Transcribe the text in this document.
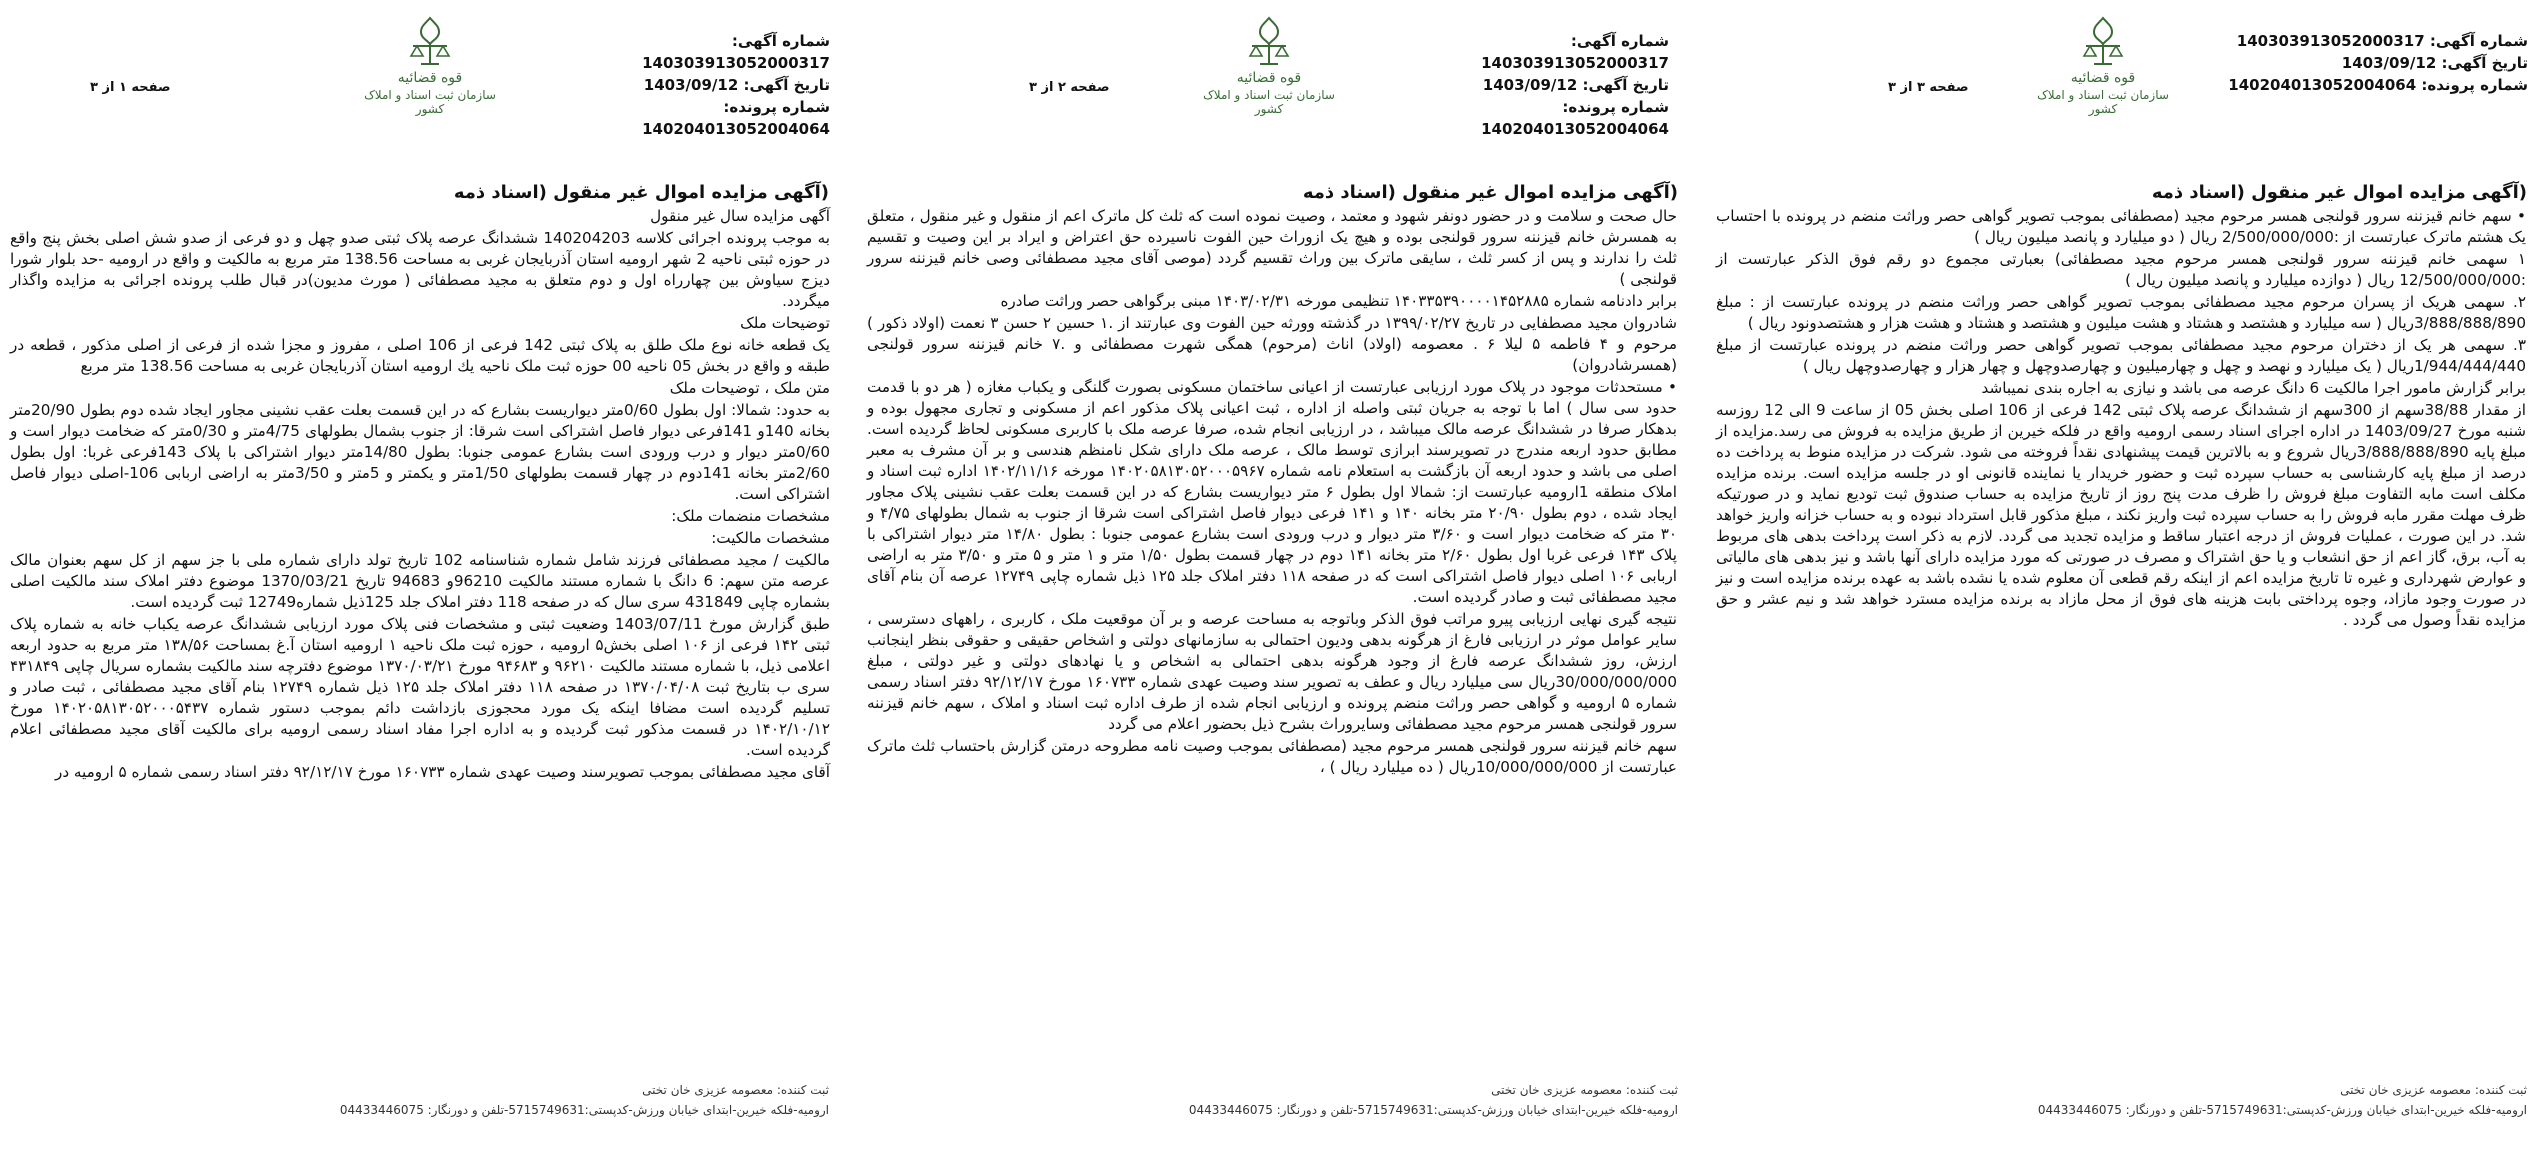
قوه قضائیه
سازمان ثبت اسناد و املاک کشور
شماره آگهی: 140303913052000317
تاریخ آگهی: 1403/09/12
شماره پرونده: 140204013052004064
صفحه ۱ از ۳
(آگهی مزایده اموال غیر منقول (اسناد ذمه

آگهی مزایده سال غیر منقول

به موجب پرونده اجرائی کلاسه 140204203 ششدانگ عرصه پلاک ثبتی صدو چهل و دو فرعی از صدو شش اصلی بخش پنج واقع در حوزه ثبتی ناحیه 2 شهر ارومیه استان آذربایجان غربی به مساحت 138.56 متر مربع به مالکیت و واقع در ارومیه -حد بلوار شورا دیزج سیاوش بین چهارراه اول و دوم متعلق به مجید مصطفائی ( مورث مدیون)در قبال طلب پرونده اجرائی به مزایده واگذار میگردد.

توضیحات ملک

یک قطعه خانه نوع ملک طلق به پلاک ثبتی 142 فرعی از 106 اصلی ، مفروز و مجزا شده از فرعی از اصلی مذکور ، قطعه در طبقه و واقع در بخش 05 ناحیه 00 حوزه ثبت ملک ناحیه یك ارومیه استان آذربایجان غربی به مساحت 138.56 متر مربع

متن ملک ، توضیحات ملک

به حدود: شمالا: اول بطول 0/60متر دیواریست بشارع که در این قسمت بعلت عقب نشینی مجاور ایجاد شده دوم بطول 20/90متر بخانه 140و 141فرعی دیوار فاصل اشتراکی است شرقا: از جنوب بشمال بطولهای 4/75متر و 0/30متر که ضخامت دیوار است و 0/60متر دیوار و درب ورودی است بشارع عمومی جنوبا: بطول 14/80متر دیوار اشتراکی با پلاک 143فرعی غربا: اول بطول 2/60متر بخانه 141دوم در چهار قسمت بطولهای 1/50متر و یکمتر و 5متر و 3/50متر به اراضی اربابی 106-اصلی دیوار فاصل اشتراکی است.

مشخصات منضمات ملک:

مشخصات مالکیت:

مالکیت / مجید مصطفائی فرزند شامل شماره شناسنامه 102 تاریخ تولد دارای شماره ملی با جز سهم از کل سهم بعنوان مالک عرصه متن سهم: 6 دانگ با شماره مستند مالکیت 96210و 94683 تاریخ 1370/03/21 موضوع دفتر املاک سند مالکیت اصلی بشماره چاپی 431849 سری سال که در صفحه 118 دفتر املاک جلد 125ذیل شماره12749 ثبت گردیده است.

طبق گزارش مورخ 1403/07/11 وضعیت ثبتی و مشخصات فنی پلاک مورد ارزیابی ششدانگ عرصه یکباب خانه به شماره پلاک ثبتی ۱۴۲ فرعی از ۱۰۶ اصلی بخش۵ ارومیه ، حوزه ثبت ملک ناحیه ۱ ارومیه استان آ.غ بمساحت ۱۳۸/۵۶ متر مربع به حدود اربعه اعلامی ذیل، با شماره مستند مالکیت ۹۶۲۱۰ و ۹۴۶۸۳ مورخ ۱۳۷۰/۰۳/۲۱ موضوع دفترچه سند مالکیت بشماره سریال چاپی ۴۳۱۸۴۹ سری ب بتاریخ ثبت ۱۳۷۰/۰۴/۰۸ در صفحه ۱۱۸ دفتر املاک جلد ۱۲۵ ذیل شماره ۱۲۷۴۹ بنام آقای مجید مصطفائی ، ثبت صادر و تسلیم گردیده است مضافا اینکه یک مورد محجوزی بازداشت دائم بموجب دستور شماره ۱۴۰۲۰۵۸۱۳۰۵۲۰۰۰۵۴۳۷ مورخ ۱۴۰۲/۱۰/۱۲ در قسمت مذکور ثبت گردیده و به اداره اجرا مفاد اسناد رسمی ارومیه برای مالکیت آقای مجید مصطفائی اعلام گردیده است.

آقای مجید مصطفائی بموجب تصویرسند وصیت عهدی شماره ۱۶۰۷۳۳ مورخ ۹۲/۱۲/۱۷ دفتر اسناد رسمی شماره ۵ ارومیه در

ثبت کننده: معصومه عزیزی خان تختی
ارومیه-فلکه خیرین-ابتدای خیابان ورزش-کدپستی:5715749631-تلفن و دورنگار: 04433446075
قوه قضائیه
سازمان ثبت اسناد و املاک کشور
شماره آگهی: 140303913052000317
تاریخ آگهی: 1403/09/12
شماره پرونده: 140204013052004064
صفحه ۲ از ۳
(آگهی مزایده اموال غیر منقول (اسناد ذمه

حال صحت و سلامت و در حضور دونفر شهود و معتمد ، وصیت نموده است که ثلث کل ماترک اعم از منقول و غیر منقول ، متعلق به همسرش خانم قیزننه سرور قولنجی بوده و هیچ یک ازوراث حین الفوت ناسیرده حق اعتراض و ایراد بر این وصیت و تقسیم ثلث را ندارند و پس از کسر ثلث ، سایقی ماترک بین وراث تقسیم گردد (موصی آقای مجید مصطفائی وصی خانم قیزننه سرور قولنجی )

برابر دادنامه شماره ۱۴۰۳۳۵۳۹۰۰۰۰۱۴۵۲۸۸۵ تنظیمی مورخه ۱۴۰۳/۰۲/۳۱ مبنی برگواهی حصر وراثت صادره

شادروان مجید مصطفایی در تاریخ ۱۳۹۹/۰۲/۲۷ در گذشته وورثه حین الفوت وی عبارتند از .۱ حسین ۲ حسن ۳ نعمت (اولاد ذکور ) مرحوم و ۴ فاطمه ۵ لیلا ۶ . معصومه (اولاد) اناث (مرحوم) همگی شهرت مصطفائی و .۷ خانم قیزننه سرور قولنجی (همسرشادروان)

• مستحدثات موجود در پلاک مورد ارزیابی عبارتست از اعیانی ساختمان مسکونی بصورت گلنگی و یکباب مغازه ( هر دو با قدمت حدود سی سال ) اما با توجه به جریان ثبتی واصله از اداره ، ثبت اعیانی پلاک مذکور اعم از مسکونی و تجاری مجهول بوده و بدهکار صرفا در ششدانگ عرصه مالک میباشد ، در ارزیابی انجام شده، صرفا عرصه ملک با کاربری مسکونی لحاظ گردیده است. مطابق حدود اربعه مندرج در تصویرسند ابرازی توسط مالک ، عرصه ملک دارای شکل نامنظم هندسی و بر آن مشرف به معبر اصلی می باشد و حدود اربعه آن بازگشت به استعلام نامه شماره ۱۴۰۲۰۵۸۱۳۰۵۲۰۰۰۵۹۶۷ مورخه ۱۴۰۲/۱۱/۱۶ اداره ثبت اسناد و املاک منطقه 1ارومیه عبارتست از: شمالا اول بطول ۶ متر دیواریست بشارع که در این قسمت بعلت عقب نشینی پلاک مجاور ایجاد شده ، دوم بطول ۲۰/۹۰ متر بخانه ۱۴۰ و ۱۴۱ فرعی دیوار فاصل اشتراکی است شرقا از جنوب به شمال بطولهای ۴/۷۵ و ۳۰ متر که ضخامت دیوار است و ۳/۶۰ متر دیوار و درب ورودی است بشارع عمومی جنوبا : بطول ۱۴/۸۰ متر دیوار اشتراکی با پلاک ۱۴۳ فرعی غربا اول بطول ۲/۶۰ متر بخانه ۱۴۱ دوم در چهار قسمت بطول ۱/۵۰ متر و ۱ متر و ۵ متر و ۳/۵۰ متر به اراضی اربابی ۱۰۶ اصلی دیوار فاصل اشتراکی است که در صفحه ۱۱۸ دفتر املاک جلد ۱۲۵ ذیل شماره چاپی ۱۲۷۴۹ عرصه آن بنام آقای مجید مصطفائی ثبت و صادر گردیده است.

نتیجه گیری نهایی ارزیابی پیرو مراتب فوق الذکر وباتوجه به مساحت عرصه و بر آن موقعیت ملک ، کاربری ، راههای دسترسی ، سایر عوامل موثر در ارزیابی فارغ از هرگونه بدهی ودیون احتمالی به سازمانهای دولتی و اشخاص حقیقی و حقوقی بنظر اینجانب ارزش، روز ششدانگ عرصه فارغ از وجود هرگونه بدهی احتمالی به اشخاص و یا نهادهای دولتی و غیر دولتی ، مبلغ 30/000/000/000ریال سی میلیارد ریال و عطف به تصویر سند وصیت عهدی شماره ۱۶۰۷۳۳ مورخ ۹۲/۱۲/۱۷ دفتر اسناد رسمی شماره ۵ ارومیه و گواهی حصر وراثت منضم پرونده و ارزیابی انجام شده از طرف اداره ثبت اسناد و املاک ، سهم خانم قیزننه سرور قولنجی همسر مرحوم مجید مصطفائی وسایروراث بشرح ذیل بحضور اعلام می گردد

سهم خانم قیزننه سرور قولنجی همسر مرحوم مجید (مصطفائی بموجب وصیت نامه مطروحه درمتن گزارش باحتساب ثلث ماترک عبارتست از 10/000/000/000ریال ( ده میلیارد ریال ) ،

ثبت کننده: معصومه عزیزی خان تختی
ارومیه-فلکه خیرین-ابتدای خیابان ورزش-کدپستی:5715749631-تلفن و دورنگار: 04433446075
قوه قضائیه
سازمان ثبت اسناد و املاک کشور
شماره آگهی: 140303913052000317
تاریخ آگهی: 1403/09/12
شماره پرونده: 140204013052004064
صفحه ۳ از ۳
(آگهی مزایده اموال غیر منقول (اسناد ذمه

• سهم خانم قیزننه سرور قولنجی همسر مرحوم مجید (مصطفائی بموجب تصویر گواهی حصر وراثت منضم در پرونده با احتساب یک هشتم ماترک عبارتست از :2/500/000/000 ریال ( دو میلیارد و پانصد میلیون ریال )

۱ سهمی خانم قیزننه سرور قولنجی همسر مرحوم مجید مصطفائی) بعبارتی مجموع دو رقم فوق الذکر عبارتست از :12/500/000/000 ریال ( دوازده میلیارد و پانصد میلیون ریال )

۲. سهمی هریک از پسران مرحوم مجید مصطفائی بموجب تصویر گواهی حصر وراثت منضم در پرونده عبارتست از : مبلغ 3/888/888/890ریال ( سه میلیارد و هشتصد و هشتاد و هشت میلیون و هشتصد و هشتاد و هشت هزار و هشتصدونود ریال )

۳. سهمی هر یک از دختران مرحوم مجید مصطفائی بموجب تصویر گواهی حصر وراثت منضم در پرونده عبارتست از مبلغ 1/944/444/440ریال ( یک میلیارد و نهصد و چهل و چهارمیلیون و چهارصدوچهل و چهار هزار و چهارصدوچهل ریال )

برابر گزارش مامور اجرا مالکیت 6 دانگ عرصه می باشد و نیازی به اجاره بندی نمیباشد

از مقدار 38/88سهم از 300سهم از ششدانگ عرصه پلاک ثبتی 142 فرعی از 106 اصلی بخش 05 از ساعت 9 الی 12 روزسه شنبه مورخ 1403/09/27 در اداره اجرای اسناد رسمی ارومیه واقع در فلکه خیرین از طریق مزایده به فروش می رسد.مزایده از مبلغ پایه 3/888/888/890ریال شروع و به بالاترین قیمت پیشنهادی نقداً فروخته می شود. شرکت در مزایده منوط به پرداخت ده درصد از مبلغ پایه کارشناسی به حساب سپرده ثبت و حضور خریدار یا نماینده قانونی او در جلسه مزایده است. برنده مزایده مکلف است مابه التفاوت مبلغ فروش را ظرف مدت پنج روز از تاریخ مزایده به حساب صندوق ثبت تودیع نماید و در صورتیکه ظرف مهلت مقرر مابه فروش را به حساب سپرده ثبت واریز نکند ، مبلغ مذکور قابل استرداد نبوده و به حساب خزانه واریز خواهد شد. در این صورت ، عملیات فروش از درجه اعتبار ساقط و مزایده تجدید می گردد. لازم به ذکر است پرداخت بدهی های مربوط به آب، برق، گاز اعم از حق انشعاب و یا حق اشتراک و مصرف در صورتی که مورد مزایده دارای آنها باشد و نیز بدهی های مالیاتی و عوارض شهرداری و غیره تا تاریخ مزایده اعم از اینکه رقم قطعی آن معلوم شده یا نشده باشد به عهده برنده مزایده است و نیز در صورت وجود مازاد، وجوه پرداختی بابت هزینه های فوق از محل مازاد به برنده مزایده مسترد خواهد شد و نیم عشر و حق مزایده نقداً وصول می گردد .

ثبت کننده: معصومه عزیزی خان تختی
ارومیه-فلکه خیرین-ابتدای خیابان ورزش-کدپستی:5715749631-تلفن و دورنگار: 04433446075
